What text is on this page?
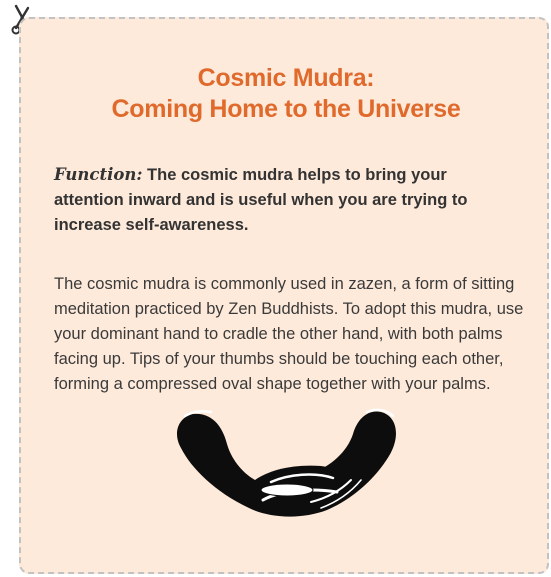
Cosmic Mudra:
Coming Home to the Universe

Function: The cosmic mudra helps to bring your attention inward and is useful when you are trying to increase self-awareness.

The cosmic mudra is commonly used in zazen, a form of sitting meditation practiced by Zen Buddhists. To adopt this mudra, use your dominant hand to cradle the other hand, with both palms facing up. Tips of your thumbs should be touching each other, forming a compressed oval shape together with your palms.
